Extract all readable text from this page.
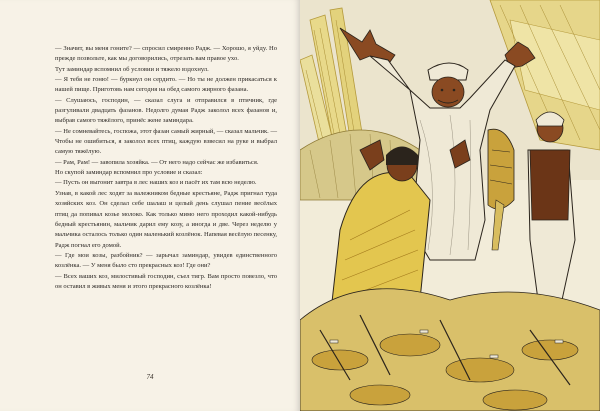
— Значит, вы меня гоните? — спросил смиренно Радж. — Хорошо, я уйду. Но прежде позвольте, как мы договорились, отрезать вам правое ухо.

Тут заминдар вспомнил об условии и тяжело вздохнул.

— Я тебя не гоню! — буркнул он сердито. — Но ты не должен прикасаться к нашей пище. Приготовь нам сегодня на обед самого жирного фазана.

— Слушаюсь, господин, — сказал слуга и отправился в птичник, где разгуливали двадцать фазанов. Недолго думая Радж заколол всех фазанов и, выбрав самого тяжёлого, принёс жене заминдара.

— Не сомневайтесь, госпожа, этот фазан самый жирный, — сказал мальчик. — Чтобы не ошибиться, я заколол всех птиц, каждую взвесил на руке и выбрал самую тяжёлую.

— Рам, Рам! — завопила хозяйка. — От него надо сейчас же избавиться.

Но скупой заминдар вспомнил про условие и сказал:

— Пусть он выгонит завтра в лес наших коз и пасёт их там всю неделю.

Узнав, в какой лес ходят за валежником бедные крестьяне, Радж пригнал туда хозяйских коз. Он сделал себе шалаш и целый день слушал пение весёлых птиц да попивал козье молоко. Как только мимо него проходил какой-нибудь бедный крестьянин, мальчик дарил ему козу, а иногда и две. Через неделю у мальчика осталось только один маленький козлёнок. Напевая весёлую песенку, Радж погнал его домой.

— Где мои козы, разбойник? — зарычал заминдар, увидев единственного козлёнка. — У меня было сто прекрасных коз! Где они?

— Всех ваших коз, милостивый господин, съел тигр. Вам просто повезло, что он оставил в живых меня и этого прекрасного козлёнка!

74
